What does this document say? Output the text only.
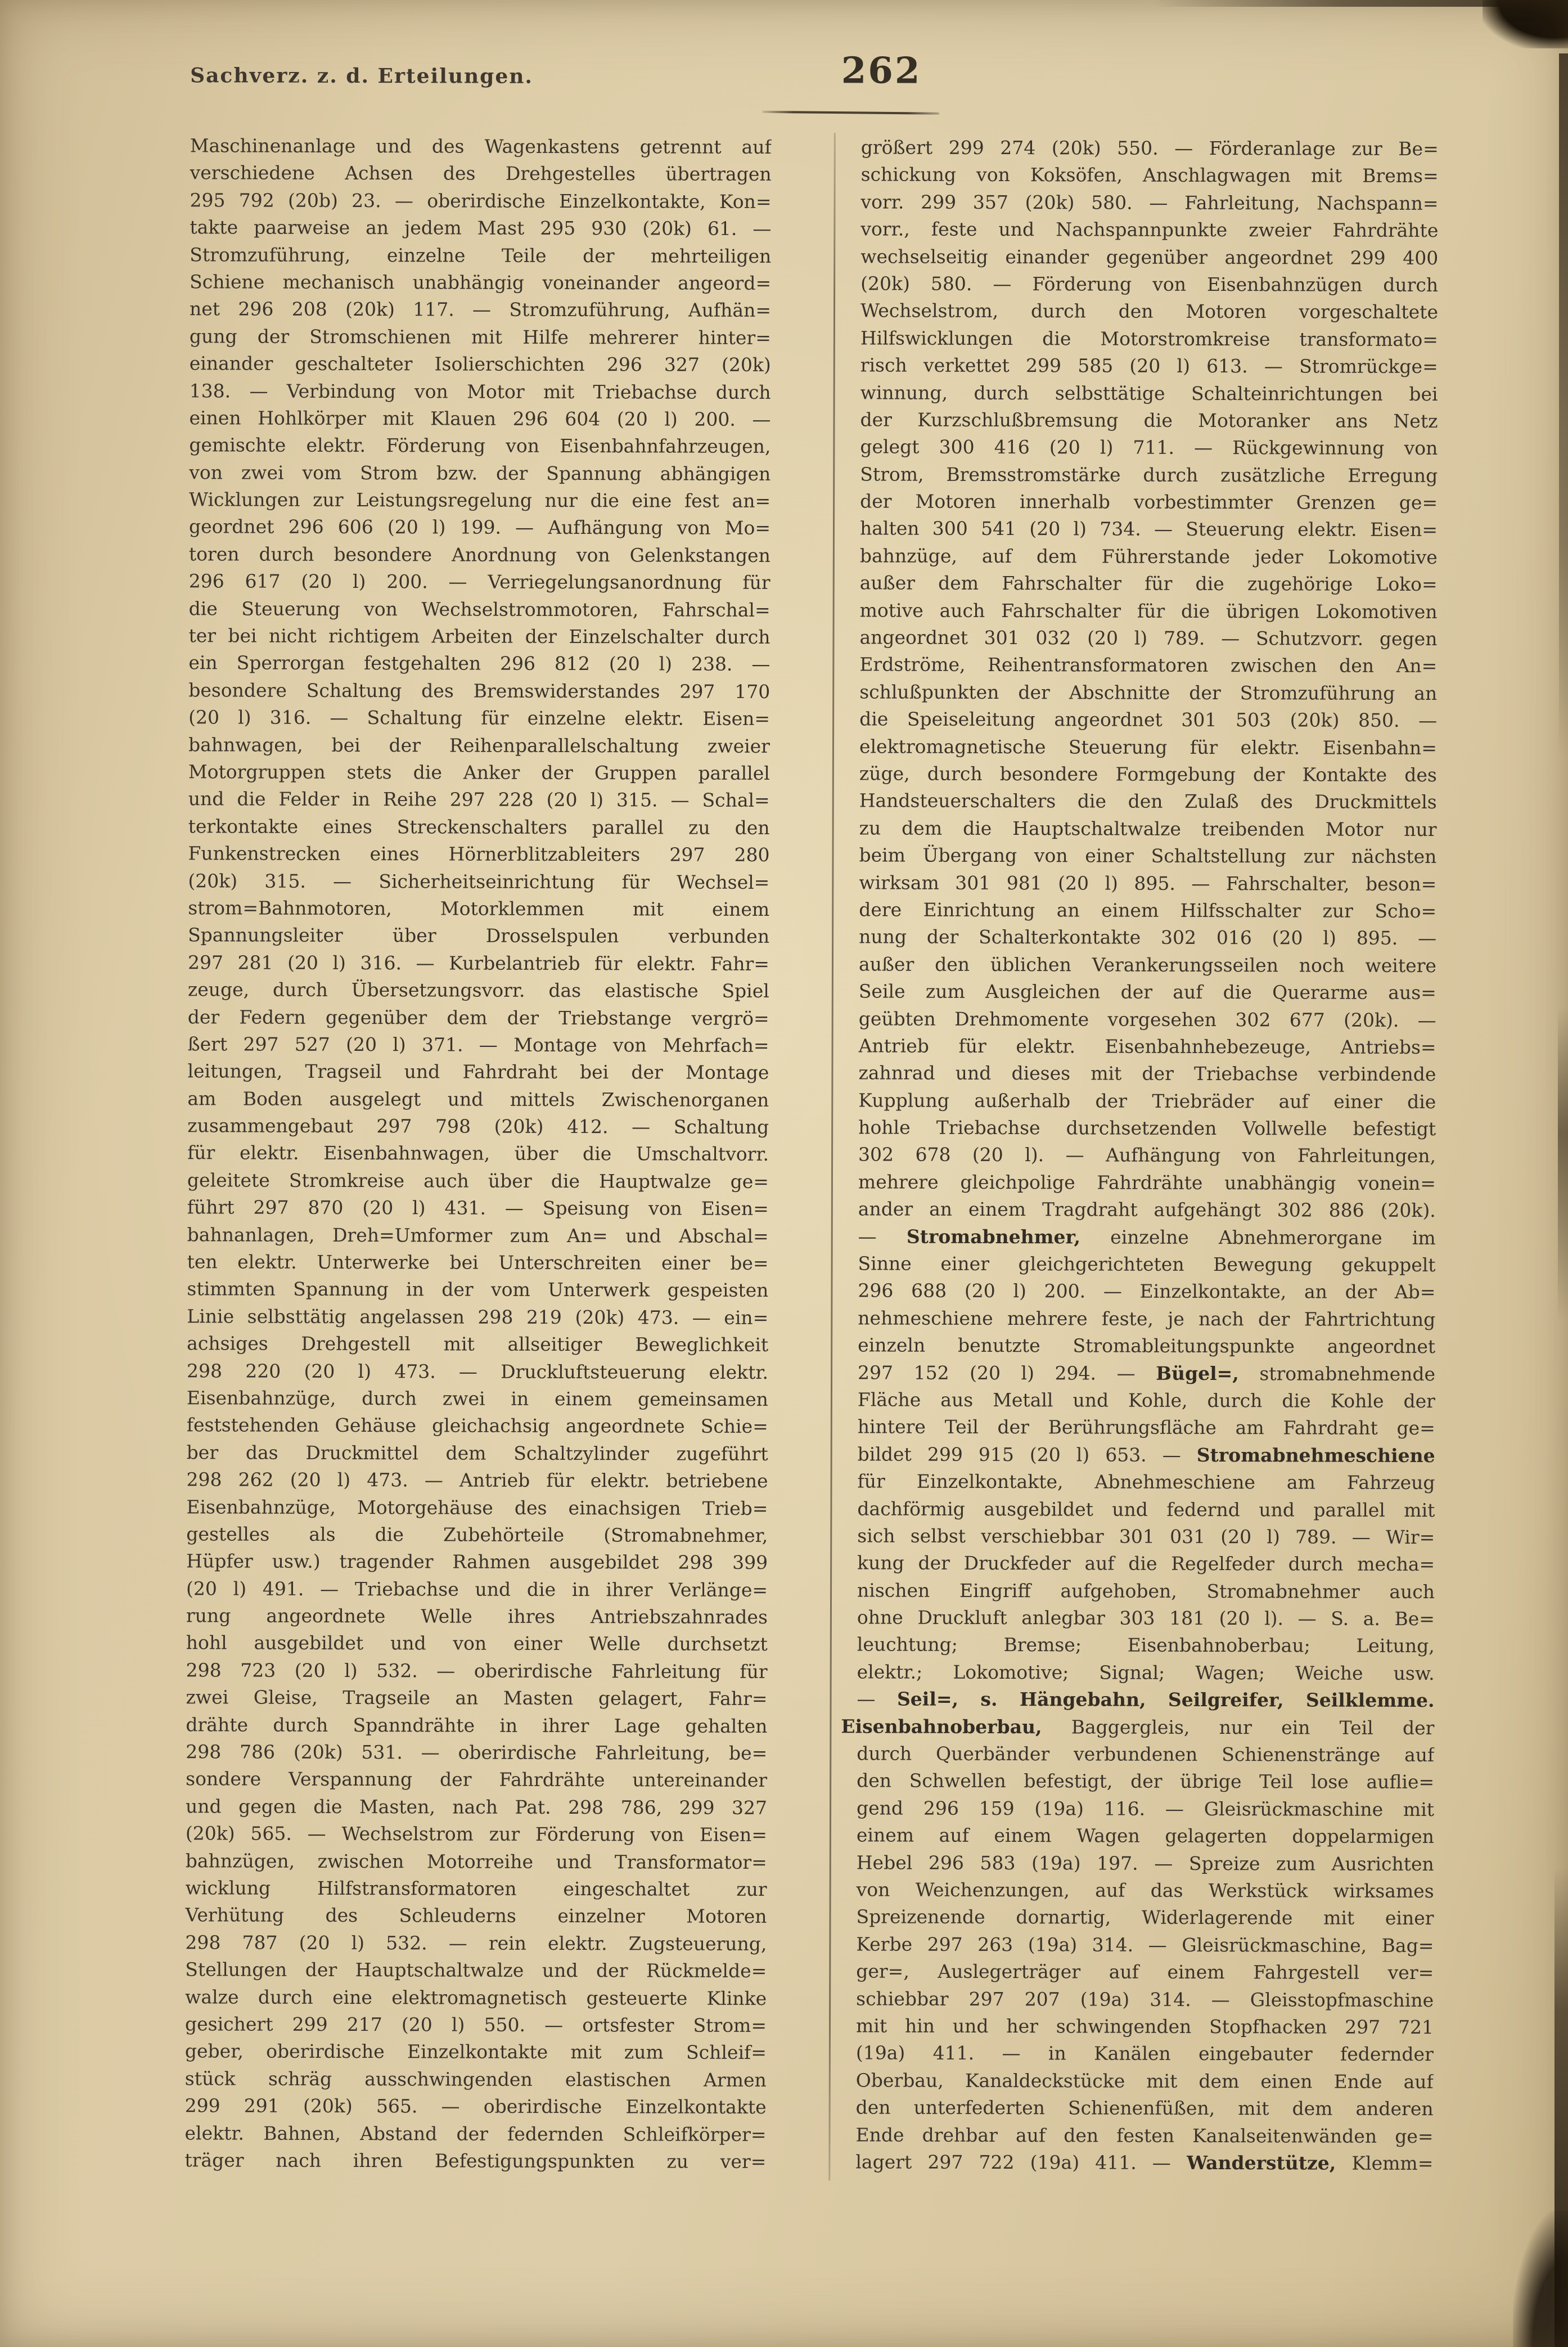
Sachverz. z. d. Erteilungen.	262
Maschinenanlage und des Wagenkastens getrennt auf
verschiedene Achsen des Drehgestelles übertragen
295 792 (20b) 23. — oberirdische Einzelkontakte, Kon=
takte paarweise an jedem Mast 295 930 (20k) 61. —
Stromzuführung, einzelne Teile der mehrteiligen
Schiene mechanisch unabhängig voneinander angeord=
net 296 208 (20k) 117. — Stromzuführung, Aufhän=
gung der Stromschienen mit Hilfe mehrerer hinter=
einander geschalteter Isolierschichten 296 327 (20k)
138. — Verbindung von Motor mit Triebachse durch
einen Hohlkörper mit Klauen 296 604 (20 l) 200. —
gemischte elektr. Förderung von Eisenbahnfahrzeugen,
von zwei vom Strom bzw. der Spannung abhängigen
Wicklungen zur Leistungsregelung nur die eine fest an=
geordnet 296 606 (20 l) 199. — Aufhängung von Mo=
toren durch besondere Anordnung von Gelenkstangen
296 617 (20 l) 200. — Verriegelungsanordnung für
die Steuerung von Wechselstrommotoren, Fahrschal=
ter bei nicht richtigem Arbeiten der Einzelschalter durch
ein Sperrorgan festgehalten 296 812 (20 l) 238. —
besondere Schaltung des Bremswiderstandes 297 170
(20 l) 316. — Schaltung für einzelne elektr. Eisen=
bahnwagen, bei der Reihenparallelschaltung zweier
Motorgruppen stets die Anker der Gruppen parallel
und die Felder in Reihe 297 228 (20 l) 315. — Schal=
terkontakte eines Streckenschalters parallel zu den
Funkenstrecken eines Hörnerblitzableiters 297 280
(20k) 315. — Sicherheitseinrichtung für Wechsel=
strom=Bahnmotoren, Motorklemmen mit einem
Spannungsleiter über Drosselspulen verbunden
297 281 (20 l) 316. — Kurbelantrieb für elektr. Fahr=
zeuge, durch Übersetzungsvorr. das elastische Spiel
der Federn gegenüber dem der Triebstange vergrö=
ßert 297 527 (20 l) 371. — Montage von Mehrfach=
leitungen, Tragseil und Fahrdraht bei der Montage
am Boden ausgelegt und mittels Zwischenorganen
zusammengebaut 297 798 (20k) 412. — Schaltung
für elektr. Eisenbahnwagen, über die Umschaltvorr.
geleitete Stromkreise auch über die Hauptwalze ge=
führt 297 870 (20 l) 431. — Speisung von Eisen=
bahnanlagen, Dreh=Umformer zum An= und Abschal=
ten elektr. Unterwerke bei Unterschreiten einer be=
stimmten Spannung in der vom Unterwerk gespeisten
Linie selbsttätig angelassen 298 219 (20k) 473. — ein=
achsiges Drehgestell mit allseitiger Beweglichkeit
298 220 (20 l) 473. — Druckluftsteuerung elektr.
Eisenbahnzüge, durch zwei in einem gemeinsamen
feststehenden Gehäuse gleichachsig angeordnete Schie=
ber das Druckmittel dem Schaltzylinder zugeführt
298 262 (20 l) 473. — Antrieb für elektr. betriebene
Eisenbahnzüge, Motorgehäuse des einachsigen Trieb=
gestelles als die Zubehörteile (Stromabnehmer,
Hüpfer usw.) tragender Rahmen ausgebildet 298 399
(20 l) 491. — Triebachse und die in ihrer Verlänge=
rung angeordnete Welle ihres Antriebszahnrades
hohl ausgebildet und von einer Welle durchsetzt
298 723 (20 l) 532. — oberirdische Fahrleitung für
zwei Gleise, Tragseile an Masten gelagert, Fahr=
drähte durch Spanndrähte in ihrer Lage gehalten
298 786 (20k) 531. — oberirdische Fahrleitung, be=
sondere Verspannung der Fahrdrähte untereinander
und gegen die Masten, nach Pat. 298 786, 299 327
(20k) 565. — Wechselstrom zur Förderung von Eisen=
bahnzügen, zwischen Motorreihe und Transformator=
wicklung Hilfstransformatoren eingeschaltet zur
Verhütung des Schleuderns einzelner Motoren
298 787 (20 l) 532. — rein elektr. Zugsteuerung,
Stellungen der Hauptschaltwalze und der Rückmelde=
walze durch eine elektromagnetisch gesteuerte Klinke
gesichert 299 217 (20 l) 550. — ortsfester Strom=
geber, oberirdische Einzelkontakte mit zum Schleif=
stück schräg ausschwingenden elastischen Armen
299 291 (20k) 565. — oberirdische Einzelkontakte
elektr. Bahnen, Abstand der federnden Schleifkörper=
träger nach ihren Befestigungspunkten zu ver=
größert 299 274 (20k) 550. — Förderanlage zur Be=
schickung von Koksöfen, Anschlagwagen mit Brems=
vorr. 299 357 (20k) 580. — Fahrleitung, Nachspann=
vorr., feste und Nachspannpunkte zweier Fahrdrähte
wechselseitig einander gegenüber angeordnet 299 400
(20k) 580. — Förderung von Eisenbahnzügen durch
Wechselstrom, durch den Motoren vorgeschaltete
Hilfswicklungen die Motorstromkreise transformato=
risch verkettet 299 585 (20 l) 613. — Stromrückge=
winnung, durch selbsttätige Schalteinrichtungen bei
der Kurzschlußbremsung die Motoranker ans Netz
gelegt 300 416 (20 l) 711. — Rückgewinnung von
Strom, Bremsstromstärke durch zusätzliche Erregung
der Motoren innerhalb vorbestimmter Grenzen ge=
halten 300 541 (20 l) 734. — Steuerung elektr. Eisen=
bahnzüge, auf dem Führerstande jeder Lokomotive
außer dem Fahrschalter für die zugehörige Loko=
motive auch Fahrschalter für die übrigen Lokomotiven
angeordnet 301 032 (20 l) 789. — Schutzvorr. gegen
Erdströme, Reihentransformatoren zwischen den An=
schlußpunkten der Abschnitte der Stromzuführung an
die Speiseleitung angeordnet 301 503 (20k) 850. —
elektromagnetische Steuerung für elektr. Eisenbahn=
züge, durch besondere Formgebung der Kontakte des
Handsteuerschalters die den Zulaß des Druckmittels
zu dem die Hauptschaltwalze treibenden Motor nur
beim Übergang von einer Schaltstellung zur nächsten
wirksam 301 981 (20 l) 895. — Fahrschalter, beson=
dere Einrichtung an einem Hilfsschalter zur Scho=
nung der Schalterkontakte 302 016 (20 l) 895. —
außer den üblichen Verankerungsseilen noch weitere
Seile zum Ausgleichen der auf die Querarme aus=
geübten Drehmomente vorgesehen 302 677 (20k). —
Antrieb für elektr. Eisenbahnhebezeuge, Antriebs=
zahnrad und dieses mit der Triebachse verbindende
Kupplung außerhalb der Triebräder auf einer die
hohle Triebachse durchsetzenden Vollwelle befestigt
302 678 (20 l). — Aufhängung von Fahrleitungen,
mehrere gleichpolige Fahrdrähte unabhängig vonein=
ander an einem Tragdraht aufgehängt 302 886 (20k).
— Stromabnehmer, einzelne Abnehmerorgane im
Sinne einer gleichgerichteten Bewegung gekuppelt
296 688 (20 l) 200. — Einzelkontakte, an der Ab=
nehmeschiene mehrere feste, je nach der Fahrtrichtung
einzeln benutzte Stromableitungspunkte angeordnet
297 152 (20 l) 294. — Bügel=, stromabnehmende
Fläche aus Metall und Kohle, durch die Kohle der
hintere Teil der Berührungsfläche am Fahrdraht ge=
bildet 299 915 (20 l) 653. — Stromabnehmeschiene
für Einzelkontakte, Abnehmeschiene am Fahrzeug
dachförmig ausgebildet und federnd und parallel mit
sich selbst verschiebbar 301 031 (20 l) 789. — Wir=
kung der Druckfeder auf die Regelfeder durch mecha=
nischen Eingriff aufgehoben, Stromabnehmer auch
ohne Druckluft anlegbar 303 181 (20 l). — S. a. Be=
leuchtung; Bremse; Eisenbahnoberbau; Leitung,
elektr.; Lokomotive; Signal; Wagen; Weiche usw.
— Seil=, s. Hängebahn, Seilgreifer, Seilklemme.
Eisenbahnoberbau, Baggergleis, nur ein Teil der
durch Querbänder verbundenen Schienenstränge auf
den Schwellen befestigt, der übrige Teil lose auflie=
gend 296 159 (19a) 116. — Gleisrückmaschine mit
einem auf einem Wagen gelagerten doppelarmigen
Hebel 296 583 (19a) 197. — Spreize zum Ausrichten
von Weichenzungen, auf das Werkstück wirksames
Spreizenende dornartig, Widerlagerende mit einer
Kerbe 297 263 (19a) 314. — Gleisrückmaschine, Bag=
ger=, Auslegerträger auf einem Fahrgestell ver=
schiebbar 297 207 (19a) 314. — Gleisstopfmaschine
mit hin und her schwingenden Stopfhacken 297 721
(19a) 411. — in Kanälen eingebauter federnder
Oberbau, Kanaldeckstücke mit dem einen Ende auf
den unterfederten Schienenfüßen, mit dem anderen
Ende drehbar auf den festen Kanalseitenwänden ge=
lagert 297 722 (19a) 411. — Wanderstütze, Klemm=
